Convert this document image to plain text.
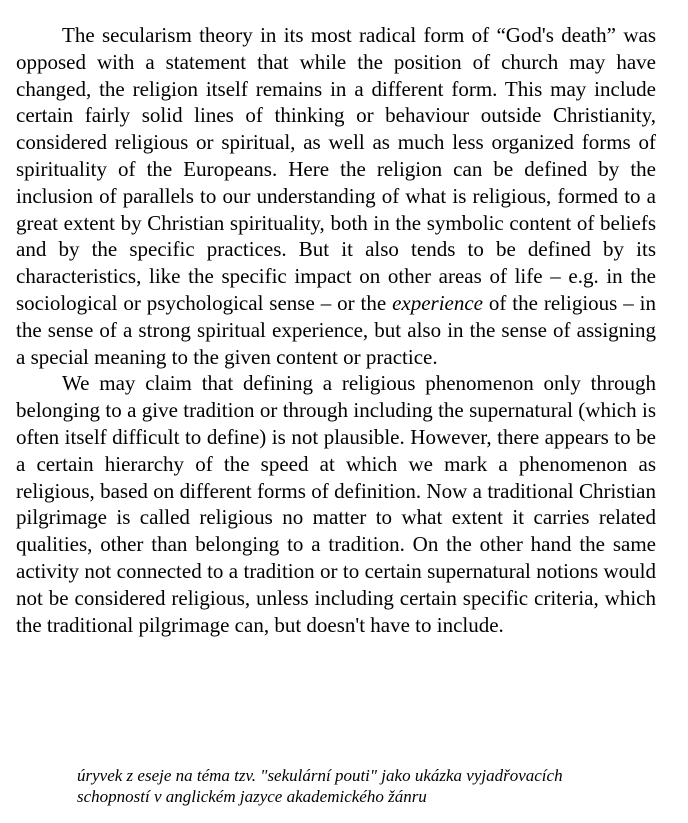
The secularism theory in its most radical form of “God's death” was opposed with a statement that while the position of church may have changed, the religion itself remains in a different form. This may include certain fairly solid lines of thinking or behaviour outside Christianity, considered religious or spiritual, as well as much less organized forms of spirituality of the Europeans. Here the religion can be defined by the inclusion of parallels to our understanding of what is religious, formed to a great extent by Christian spirituality, both in the symbolic content of beliefs and by the specific practices. But it also tends to be defined by its characteristics, like the specific impact on other areas of life – e.g. in the sociological or psychological sense – or the experience of the religious – in the sense of a strong spiritual experience, but also in the sense of assigning a special meaning to the given content or practice.

We may claim that defining a religious phenomenon only through belonging to a give tradition or through including the supernatural (which is often itself difficult to define) is not plausible. However, there appears to be a certain hierarchy of the speed at which we mark a phenomenon as religious, based on different forms of definition. Now a traditional Christian pilgrimage is called religious no matter to what extent it carries related qualities, other than belonging to a tradition. On the other hand the same activity not connected to a tradition or to certain supernatural notions would not be considered religious, unless including certain specific criteria, which the traditional pilgrimage can, but doesn't have to include.

úryvek z eseje na téma tzv. "sekulární pouti" jako ukázka vyjadřovacích
schopností v anglickém jazyce akademického žánru
